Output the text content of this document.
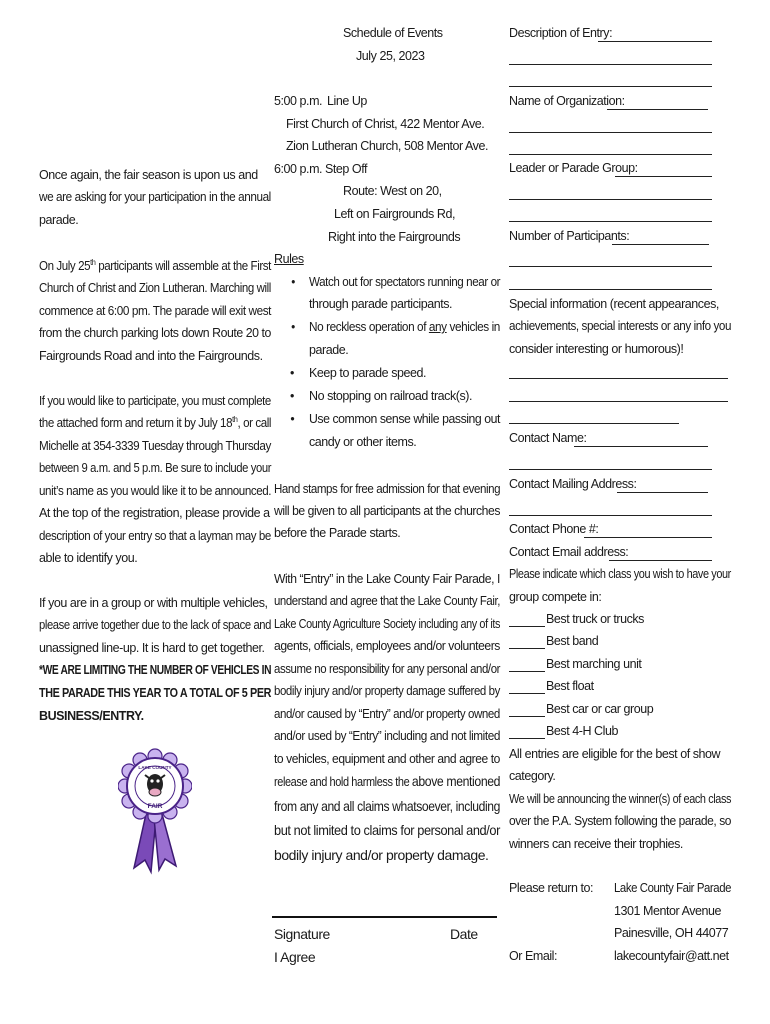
Schedule of Events
July 25, 2023
5:00 p.m. Line Up
First Church of Christ, 422 Mentor Ave.
Zion Lutheran Church, 508 Mentor Ave.
6:00 p.m. Step Off
Route: West on 20,
Left on Fairgrounds Rd,
Right into the Fairgrounds
Rules
• Watch out for spectators running near or
through parade participants.
• No reckless operation of any vehicles in
parade.
• Keep to parade speed.
• No stopping on railroad track(s).
• Use common sense while passing out
candy or other items.
Hand stamps for free admission for that evening
will be given to all participants at the churches
before the Parade starts.
With “Entry” in the Lake County Fair Parade, I
understand and agree that the Lake County Fair,
Lake County Agriculture Society including any of its
agents, officials, employees and/or volunteers
assume no responsibility for any personal and/or
bodily injury and/or property damage suffered by
and/or caused by “Entry” and/or property owned
and/or used by “Entry” including and not limited
to vehicles, equipment and other and agree to
release and hold harmless the above mentioned
from any and all claims whatsoever, including
but not limited to claims for personal and/or
bodily injury and/or property damage.
Signature	Date
I Agree
Once again, the fair season is upon us and
we are asking for your participation in the annual
parade.
On July 25th participants will assemble at the First
Church of Christ and Zion Lutheran. Marching will
commence at 6:00 pm. The parade will exit west
from the church parking lots down Route 20 to
Fairgrounds Road and into the Fairgrounds.
If you would like to participate, you must complete
the attached form and return it by July 18th, or call
Michelle at 354-3339 Tuesday through Thursday
between 9 a.m. and 5 p.m. Be sure to include your
unit’s name as you would like it to be announced.
At the top of the registration, please provide a
description of your entry so that a layman may be
able to identify you.
If you are in a group or with multiple vehicles,
please arrive together due to the lack of space and
unassigned line-up. It is hard to get together.
*WE ARE LIMITING THE NUMBER OF VEHICLES IN
THE PARADE THIS YEAR TO A TOTAL OF 5 PER
BUSINESS/ENTRY.
FAIR
LAKE COUNTY
Description of Entry:
Name of Organization:
Leader or Parade Group:
Number of Participants:
Special information (recent appearances,
achievements, special interests or any info you
consider interesting or humorous)!
Contact Name:
Contact Mailing Address:
Contact Phone #:
Contact Email address:
Please indicate which class you wish to have your
group compete in:
Best truck or trucks
Best band
Best marching unit
Best float
Best car or car group
Best 4-H Club
All entries are eligible for the best of show
category.
We will be announcing the winner(s) of each class
over the P.A. System following the parade, so
winners can receive their trophies.
Please return to: Lake County Fair Parade
1301 Mentor Avenue
Painesville, OH 44077
Or Email:	lakecountyfair@att.net
